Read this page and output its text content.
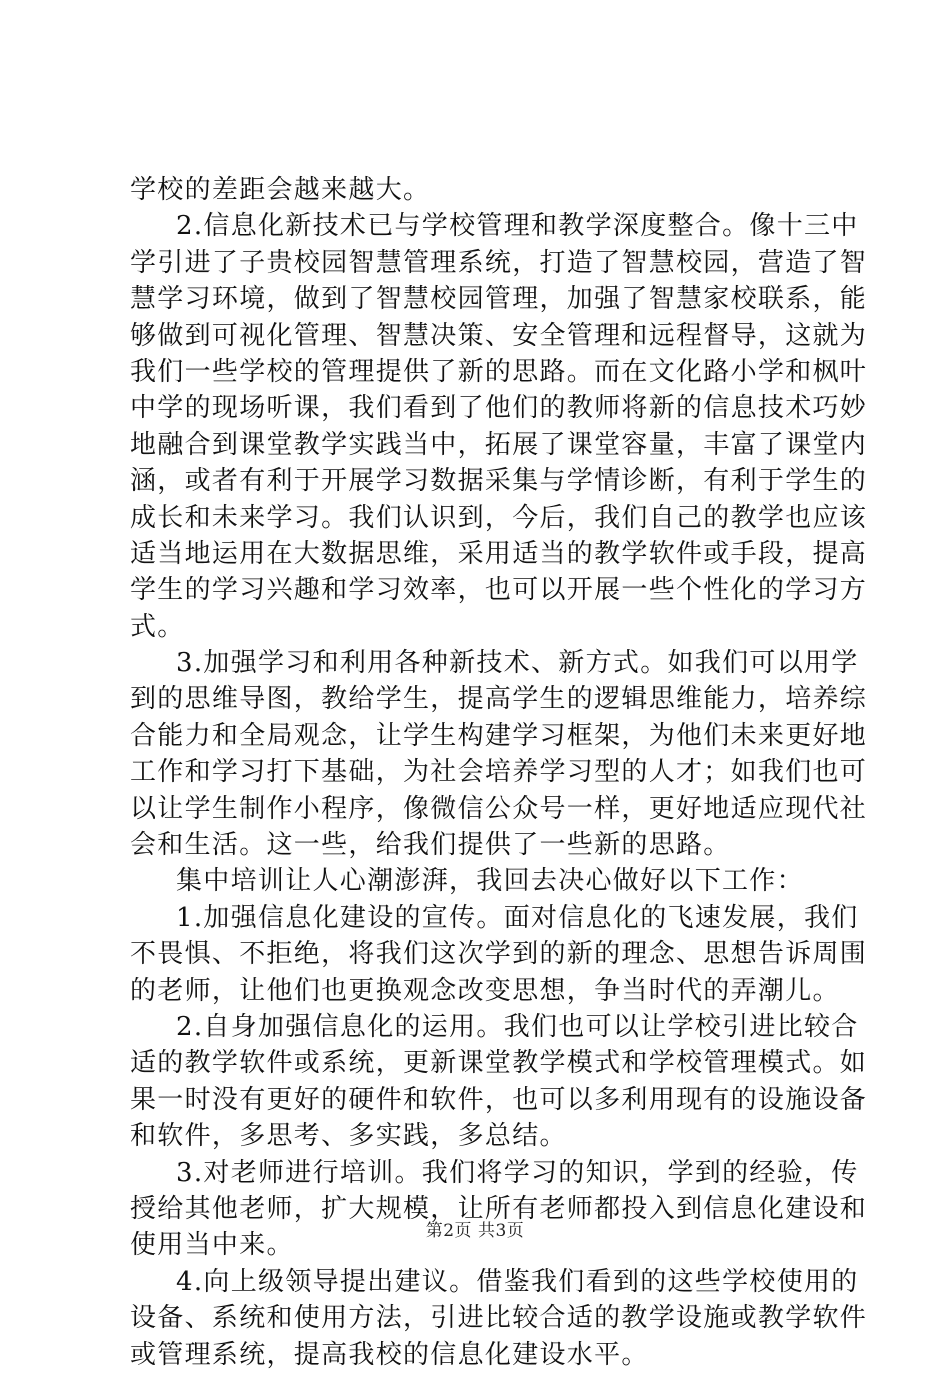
学校的差距会越来越大。
2.信息化新技术已与学校管理和教学深度整合。像十三中
学引进了子贵校园智慧管理系统，打造了智慧校园，营造了智
慧学习环境，做到了智慧校园管理，加强了智慧家校联系，能
够做到可视化管理、智慧决策、安全管理和远程督导，这就为
我们一些学校的管理提供了新的思路。而在文化路小学和枫叶
中学的现场听课，我们看到了他们的教师将新的信息技术巧妙
地融合到课堂教学实践当中，拓展了课堂容量，丰富了课堂内
涵，或者有利于开展学习数据采集与学情诊断，有利于学生的
成长和未来学习。我们认识到，今后，我们自己的教学也应该
适当地运用在大数据思维，采用适当的教学软件或手段，提高
学生的学习兴趣和学习效率，也可以开展一些个性化的学习方
式。
3.加强学习和利用各种新技术、新方式。如我们可以用学
到的思维导图，教给学生，提高学生的逻辑思维能力，培养综
合能力和全局观念，让学生构建学习框架，为他们未来更好地
工作和学习打下基础，为社会培养学习型的人才；如我们也可
以让学生制作小程序，像微信公众号一样，更好地适应现代社
会和生活。这一些，给我们提供了一些新的思路。
集中培训让人心潮澎湃，我回去决心做好以下工作：
1.加强信息化建设的宣传。面对信息化的飞速发展，我们
不畏惧、不拒绝，将我们这次学到的新的理念、思想告诉周围
的老师，让他们也更换观念改变思想，争当时代的弄潮儿。
2.自身加强信息化的运用。我们也可以让学校引进比较合
适的教学软件或系统，更新课堂教学模式和学校管理模式。如
果一时没有更好的硬件和软件，也可以多利用现有的设施设备
和软件，多思考、多实践，多总结。
3.对老师进行培训。我们将学习的知识，学到的经验，传
授给其他老师，扩大规模，让所有老师都投入到信息化建设和
使用当中来。
4.向上级领导提出建议。借鉴我们看到的这些学校使用的
设备、系统和使用方法，引进比较合适的教学设施或教学软件
或管理系统，提高我校的信息化建设水平。
第2页 共3页
